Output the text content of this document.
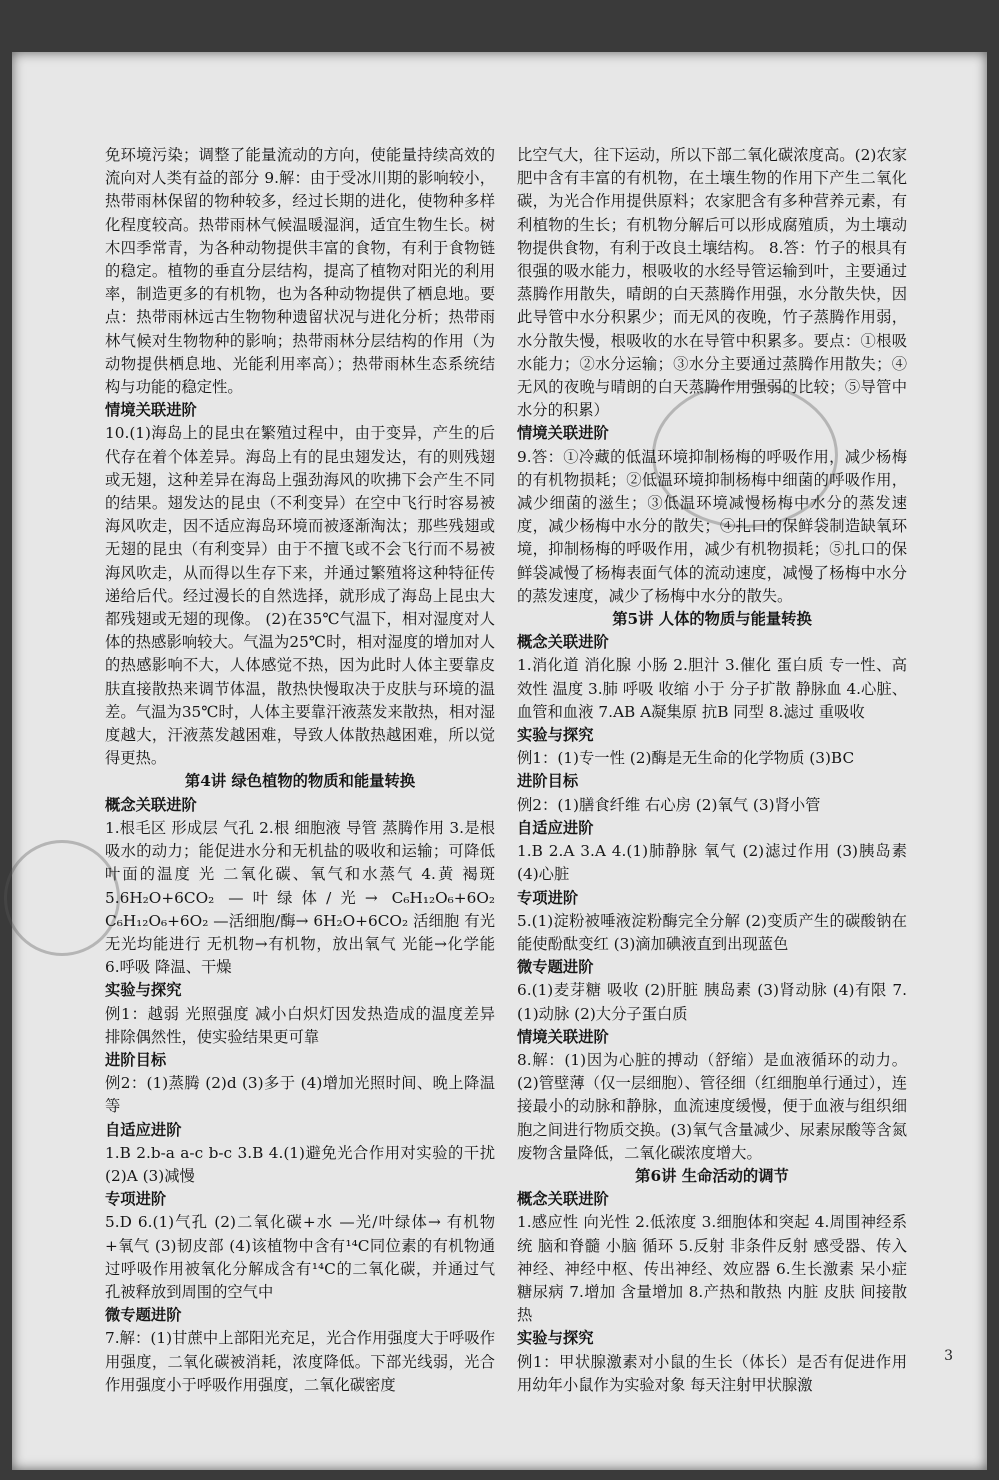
免环境污染；调整了能量流动的方向，使能量持续高效的流向对人类有益的部分 9.解：由于受冰川期的影响较小，热带雨林保留的物种较多，经过长期的进化，使物种多样化程度较高。热带雨林气候温暖湿润，适宜生物生长。树木四季常青，为各种动物提供丰富的食物，有利于食物链的稳定。植物的垂直分层结构，提高了植物对阳光的利用率，制造更多的有机物，也为各种动物提供了栖息地。要点：热带雨林远古生物物种遗留状况与进化分析；热带雨林气候对生物物种的影响；热带雨林分层结构的作用（为动物提供栖息地、光能利用率高）；热带雨林生态系统结构与功能的稳定性。

情境关联进阶

10.(1)海岛上的昆虫在繁殖过程中，由于变异，产生的后代存在着个体差异。海岛上有的昆虫翅发达，有的则残翅或无翅，这种差异在海岛上强劲海风的吹拂下会产生不同的结果。翅发达的昆虫（不利变异）在空中飞行时容易被海风吹走，因不适应海岛环境而被逐渐淘汰；那些残翅或无翅的昆虫（有利变异）由于不擅飞或不会飞行而不易被海风吹走，从而得以生存下来，并通过繁殖将这种特征传递给后代。经过漫长的自然选择，就形成了海岛上昆虫大都残翅或无翅的现像。 (2)在35℃气温下，相对湿度对人体的热感影响较大。气温为25℃时，相对湿度的增加对人的热感影响不大，人体感觉不热，因为此时人体主要靠皮肤直接散热来调节体温，散热快慢取决于皮肤与环境的温差。气温为35℃时，人体主要靠汗液蒸发来散热，相对湿度越大，汗液蒸发越困难，导致人体散热越困难，所以觉得更热。

第4讲 绿色植物的物质和能量转换

概念关联进阶

1.根毛区 形成层 气孔 2.根 细胞液 导管 蒸腾作用 3.是根吸水的动力；能促进水分和无机盐的吸收和运输；可降低叶面的温度 光 二氧化碳、氧气和水蒸气 4.黄 褐斑 5.6H₂O+6CO₂ —叶绿体/光→ C₆H₁₂O₆+6O₂ C₆H₁₂O₆+6O₂ —活细胞/酶→ 6H₂O+6CO₂ 活细胞 有光无光均能进行 无机物→有机物，放出氧气 光能→化学能 6.呼吸 降温、干燥

实验与探究

例1：越弱 光照强度 减小白炽灯因发热造成的温度差异 排除偶然性，使实验结果更可靠

进阶目标

例2：(1)蒸腾 (2)d (3)多于 (4)增加光照时间、晚上降温等

自适应进阶

1.B 2.b-a a-c b-c 3.B 4.(1)避免光合作用对实验的干扰 (2)A (3)减慢

专项进阶

5.D 6.(1)气孔 (2)二氧化碳+水 —光/叶绿体→ 有机物+氧气 (3)韧皮部 (4)该植物中含有¹⁴C同位素的有机物通过呼吸作用被氧化分解成含有¹⁴C的二氧化碳，并通过气孔被释放到周围的空气中

微专题进阶

7.解：(1)甘蔗中上部阳光充足，光合作用强度大于呼吸作用强度，二氧化碳被消耗，浓度降低。下部光线弱，光合作用强度小于呼吸作用强度，二氧化碳密度

比空气大，往下运动，所以下部二氧化碳浓度高。(2)农家肥中含有丰富的有机物，在土壤生物的作用下产生二氧化碳，为光合作用提供原料；农家肥含有多种营养元素，有利植物的生长；有机物分解后可以形成腐殖质，为土壤动物提供食物，有利于改良土壤结构。 8.答：竹子的根具有很强的吸水能力，根吸收的水经导管运输到叶，主要通过蒸腾作用散失，晴朗的白天蒸腾作用强，水分散失快，因此导管中水分积累少；而无风的夜晚，竹子蒸腾作用弱，水分散失慢，根吸收的水在导管中积累多。要点：①根吸水能力；②水分运输；③水分主要通过蒸腾作用散失；④无风的夜晚与晴朗的白天蒸腾作用强弱的比较；⑤导管中水分的积累）

情境关联进阶

9.答：①冷藏的低温环境抑制杨梅的呼吸作用，减少杨梅的有机物损耗；②低温环境抑制杨梅中细菌的呼吸作用，减少细菌的滋生；③低温环境减慢杨梅中水分的蒸发速度，减少杨梅中水分的散失；④扎口的保鲜袋制造缺氧环境，抑制杨梅的呼吸作用，减少有机物损耗；⑤扎口的保鲜袋减慢了杨梅表面气体的流动速度，减慢了杨梅中水分的蒸发速度，减少了杨梅中水分的散失。

第5讲 人体的物质与能量转换

概念关联进阶

1.消化道 消化腺 小肠 2.胆汁 3.催化 蛋白质 专一性、高效性 温度 3.肺 呼吸 收缩 小于 分子扩散 静脉血 4.心脏、血管和血液 7.AB A凝集原 抗B 同型 8.滤过 重吸收

实验与探究

例1：(1)专一性 (2)酶是无生命的化学物质 (3)BC

进阶目标

例2：(1)膳食纤维 右心房 (2)氧气 (3)肾小管

自适应进阶

1.B 2.A 3.A 4.(1)肺静脉 氧气 (2)滤过作用 (3)胰岛素 (4)心脏

专项进阶

5.(1)淀粉被唾液淀粉酶完全分解 (2)变质产生的碳酸钠在能使酚酞变红 (3)滴加碘液直到出现蓝色

微专题进阶

6.(1)麦芽糖 吸收 (2)肝脏 胰岛素 (3)肾动脉 (4)有限 7.(1)动脉 (2)大分子蛋白质

情境关联进阶

8.解：(1)因为心脏的搏动（舒缩）是血液循环的动力。(2)管壁薄（仅一层细胞）、管径细（红细胞单行通过），连接最小的动脉和静脉，血流速度缓慢，便于血液与组织细胞之间进行物质交换。(3)氧气含量减少、尿素尿酸等含氮废物含量降低，二氧化碳浓度增大。

第6讲 生命活动的调节

概念关联进阶

1.感应性 向光性 2.低浓度 3.细胞体和突起 4.周围神经系统 脑和脊髓 小脑 循环 5.反射 非条件反射 感受器、传入神经、神经中枢、传出神经、效应器 6.生长激素 呆小症 糖尿病 7.增加 含量增加 8.产热和散热 内脏 皮肤 间接散热

实验与探究

例1：甲状腺激素对小鼠的生长（体长）是否有促进作用 用幼年小鼠作为实验对象 每天注射甲状腺激

3
